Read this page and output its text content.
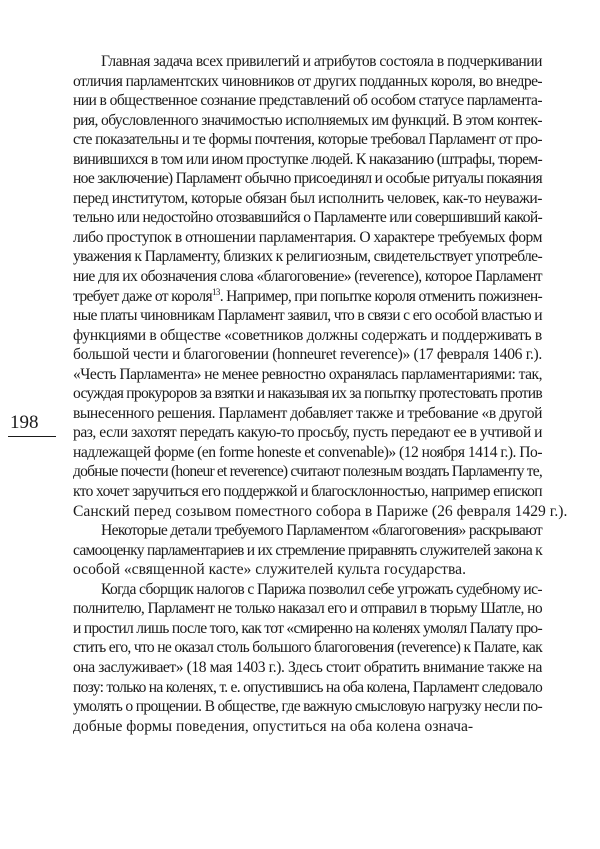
Главная задача всех привилегий и атрибутов состояла в подчеркивании
отличия парламентских чиновников от других подданных короля, во внедре-
нии в общественное сознание представлений об особом статусе парламента-
рия, обусловленного значимостью исполняемых им функций. В этом контек-
сте показательны и те формы почтения, которые требовал Парламент от про-
винившихся в том или ином проступке людей. К наказанию (штрафы, тюрем-
ное заключение) Парламент обычно присоединял и особые ритуалы покаяния
перед институтом, которые обязан был исполнить человек, как-то неуважи-
тельно или недостойно отозвавшийся о Парламенте или совершивший какой-
либо проступок в отношении парламентария. О характере требуемых форм
уважения к Парламенту, близких к религиозным, свидетельствует употребле-
ние для их обозначения слова «благоговение» (reverence), которое Парламент
требует даже от короля$^{13}$. Например, при попытке короля отменить пожизнен-
ные платы чиновникам Парламент заявил, что в связи с его особой властью и
функциями в обществе «советников должны содержать и поддерживать в
большой чести и благоговении (honneuret reverence)» (17 февраля 1406 г.).
«Честь Парламента» не менее ревностно охранялась парламентариями: так,
осуждая прокуроров за взятки и наказывая их за попытку протестовать против
вынесенного решения. Парламент добавляет также и требование «в другой
раз, если захотят передать какую-то просьбу, пусть передают ее в учтивой и
надлежащей форме (en forme honeste et convenable)» (12 ноября 1414 г.). По-
добные почести (honeur et reverence) считают полезным воздать Парламенту те,
кто хочет заручиться его поддержкой и благосклонностью, например епископ
Санский перед созывом поместного собора в Париже (26 февраля 1429 г.).
Некоторые детали требуемого Парламентом «благоговения» раскрывают
самооценку парламентариев и их стремление приравнять служителей закона к
особой «священной касте» служителей культа государства.
Когда сборщик налогов с Парижа позволил себе угрожать судебному ис-
полнителю, Парламент не только наказал его и отправил в тюрьму Шатле, но
и простил лишь после того, как тот «смиренно на коленях умолял Палату про-
стить его, что не оказал столь большого благоговения (reverence) к Палате, как
она заслуживает» (18 мая 1403 г.). Здесь стоит обратить внимание также на
позу: только на коленях, т. е. опустившись на оба колена, Парламент следовало
умолять о прощении. В обществе, где важную смысловую нагрузку несли по-
добные формы поведения, опуститься на оба колена означа-
198
